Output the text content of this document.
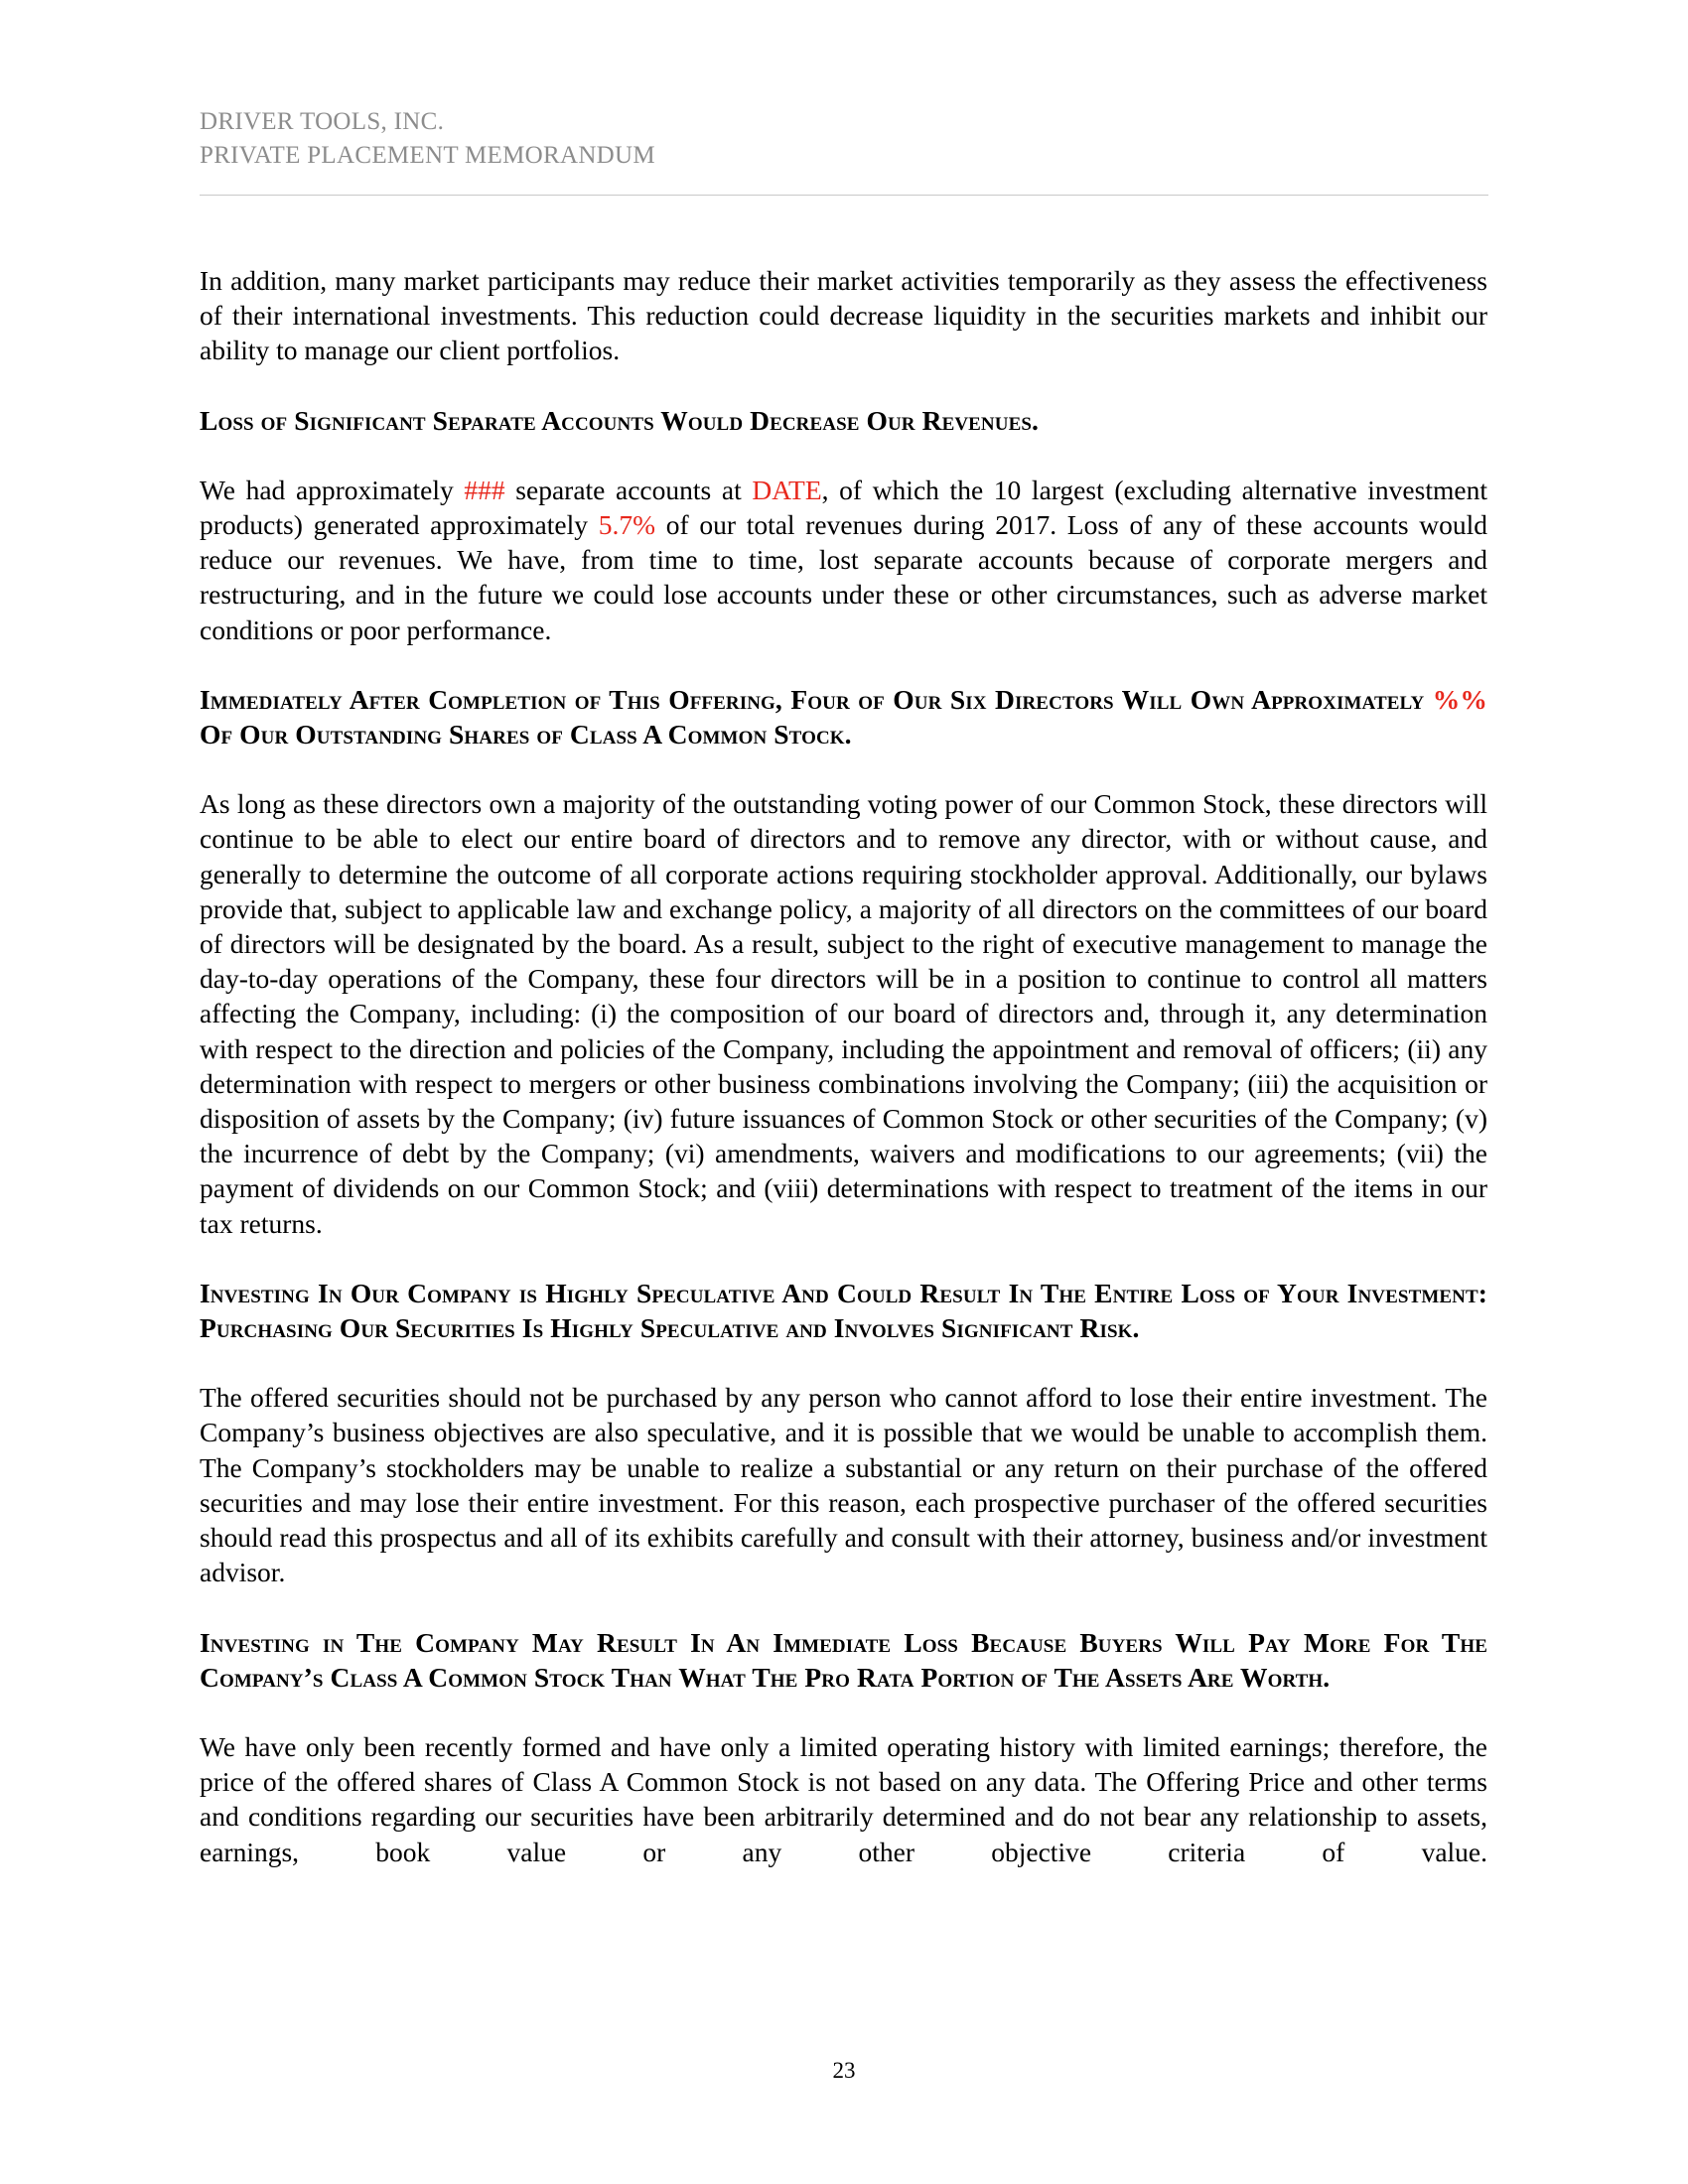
DRIVER TOOLS, INC.
PRIVATE PLACEMENT MEMORANDUM

In addition, many market participants may reduce their market activities temporarily as they assess the effectiveness of their international investments. This reduction could decrease liquidity in the securities markets and inhibit our ability to manage our client portfolios.

Loss of Significant Separate Accounts Would Decrease Our Revenues.

We had approximately ### separate accounts at DATE, of which the 10 largest (excluding alternative investment products) generated approximately 5.7% of our total revenues during 2017. Loss of any of these accounts would reduce our revenues. We have, from time to time, lost separate accounts because of corporate mergers and restructuring, and in the future we could lose accounts under these or other circumstances, such as adverse market conditions or poor performance.

Immediately After Completion of This Offering, Four of Our Six Directors Will Own Approximately %% Of Our Outstanding Shares of Class A Common Stock.

As long as these directors own a majority of the outstanding voting power of our Common Stock, these directors will continue to be able to elect our entire board of directors and to remove any director, with or without cause, and generally to determine the outcome of all corporate actions requiring stockholder approval. Additionally, our bylaws provide that, subject to applicable law and exchange policy, a majority of all directors on the committees of our board of directors will be designated by the board. As a result, subject to the right of executive management to manage the day-to-day operations of the Company, these four directors will be in a position to continue to control all matters affecting the Company, including: (i) the composition of our board of directors and, through it, any determination with respect to the direction and policies of the Company, including the appointment and removal of officers; (ii) any determination with respect to mergers or other business combinations involving the Company; (iii) the acquisition or disposition of assets by the Company; (iv) future issuances of Common Stock or other securities of the Company; (v) the incurrence of debt by the Company; (vi) amendments, waivers and modifications to our agreements; (vii) the payment of dividends on our Common Stock; and (viii) determinations with respect to treatment of the items in our tax returns.

Investing In Our Company is Highly Speculative And Could Result In The Entire Loss of Your Investment: Purchasing Our Securities Is Highly Speculative and Involves Significant Risk.

The offered securities should not be purchased by any person who cannot afford to lose their entire investment. The Company’s business objectives are also speculative, and it is possible that we would be unable to accomplish them. The Company’s stockholders may be unable to realize a substantial or any return on their purchase of the offered securities and may lose their entire investment. For this reason, each prospective purchaser of the offered securities should read this prospectus and all of its exhibits carefully and consult with their attorney, business and/or investment advisor.

Investing in The Company May Result In An Immediate Loss Because Buyers Will Pay More For The Company’s Class A Common Stock Than What The Pro Rata Portion of The Assets Are Worth.

We have only been recently formed and have only a limited operating history with limited earnings; therefore, the price of the offered shares of Class A Common Stock is not based on any data. The Offering Price and other terms and conditions regarding our securities have been arbitrarily determined and do not bear any relationship to assets, earnings, book value or any other objective criteria of value.

23
